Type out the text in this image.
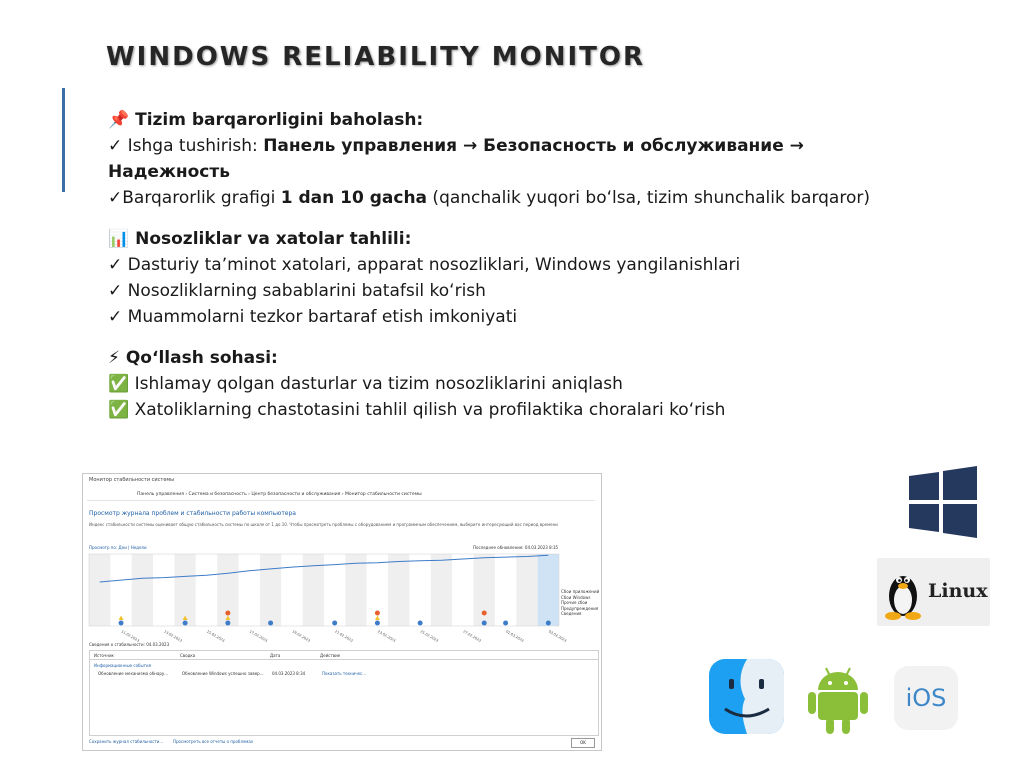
WINDOWS RELIABILITY MONITOR
📌 Tizim barqarorligini baholash:
✓ Ishga tushirish: Панель управления → Безопасность и обслуживание →
Надежность
✓Barqarorlik grafigi 1 dan 10 gacha (qanchalik yuqori boʻlsa, tizim shunchalik barqaror)
📊 Nosozliklar va xatolar tahlili:
✓ Dasturiy taʼminot xatolari, apparat nosozliklari, Windows yangilanishlari
✓ Nosozliklarning sabablarini batafsil koʻrish
✓ Muammolarni tezkor bartaraf etish imkoniyati
⚡ Qoʻllash sohasi:
✅ Ishlamay qolgan dasturlar va tizim nosozliklarini aniqlash
✅ Xatoliklarning chastotasini tahlil qilish va profilaktika choralari koʻrish
Монитор стабильности системы
Панель управления › Система и безопасность › Центр безопасности и обслуживания › Монитор стабильности системы
Просмотр журнала проблем и стабильности работы компьютера
Индекс стабильности системы оценивает общую стабильность системы по шкале от 1 до 10. Чтобы просмотреть проблемы с оборудованием и программным обеспечением, выберите интересующий вас период времени
Просмотр по: Дни | Недели	Последнее обновление: 04.03.2023 8:35
11.02.2023	13.02.2023	15.02.2023	17.02.2023	19.02.2023	21.02.2023	23.02.2023	25.02.2023	27.02.2023	01.03.2023	03.03.2023
Сбои приложений
Сбои Windows
Прочие сбои
Предупреждения
Сведения
Сведения о стабильности: 04.03.2023
Источник	Сводка	Дата	Действие
Информационные события
Обновление механизма обнару...	Обновление Windows успешно завер... 04.03.2023 8:34	Показать техничес...
Сохранить журнал стабильности... Просмотреть все отчеты о проблемах	OK
Linux
iOS
